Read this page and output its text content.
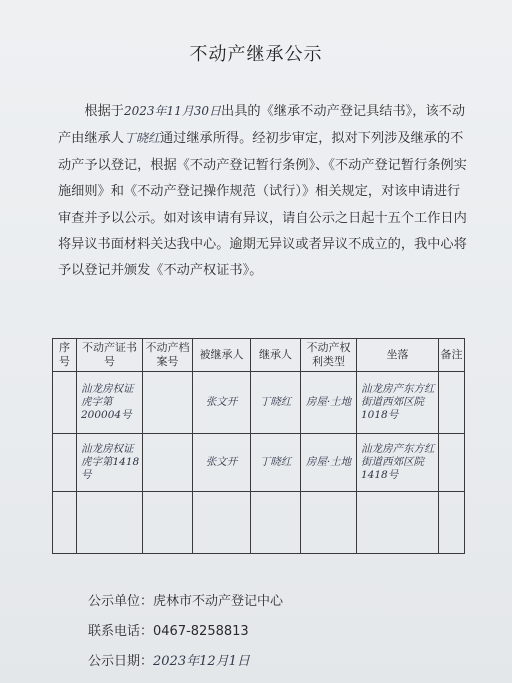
不动产继承公示

根据于2023年11月30日出具的《继承不动产登记具结书》，该不动产由继承人丁晓红通过继承所得。经初步审定，拟对下列涉及继承的不动产予以登记，根据《不动产登记暂行条例》、《不动产登记暂行条例实施细则》和《不动产登记操作规范（试行）》相关规定，对该申请进行审查并予以公示。如对该申请有异议，请自公示之日起十五个工作日内将异议书面材料关达我中心。逾期无异议或者异议不成立的，我中心将予以登记并颁发《不动产权证书》。

序号	不动产证书号	不动产档案号	被继承人	继承人	不动产权利类型	坐落	备注
	汕龙房权证虎字第200004号		张文开	丁晓红	房屋·土地	汕龙房产东方红街道西郊区院1018号	
	汕龙房权证虎字第1418号		张文开	丁晓红	房屋·土地	汕龙房产东方红街道西郊区院1418号	

公示单位：虎林市不动产登记中心
联系电话：0467-8258813
公示日期：2023年12月1日
